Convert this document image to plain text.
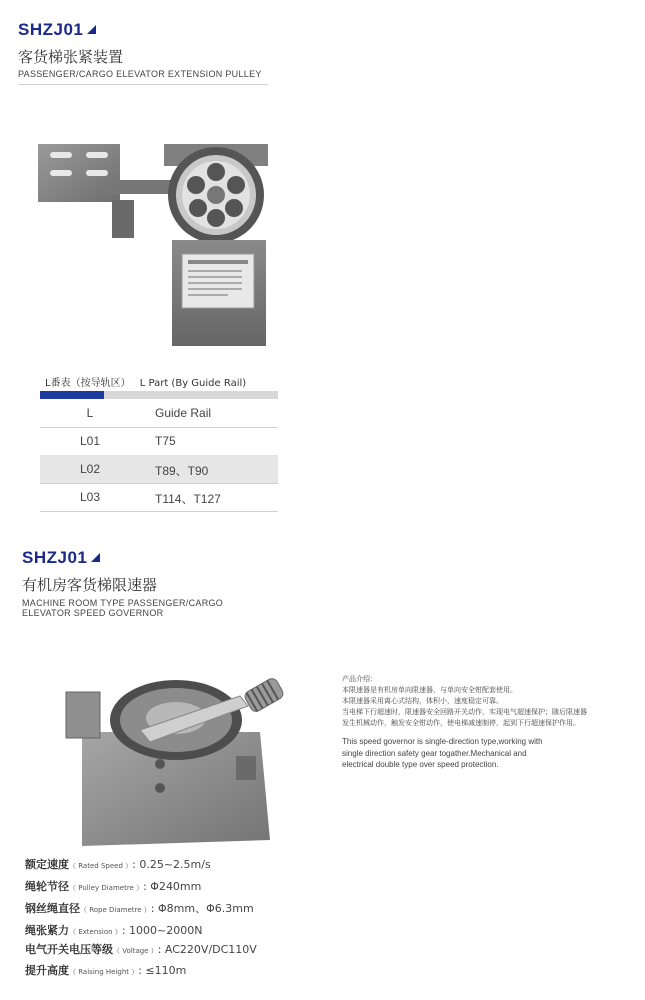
SHZJ01
客货梯张紧装置
PASSENGER/CARGO ELEVATOR EXTENSION PULLEY
L番表（按导轨区） L Part (By Guide Rail)
L	Guide Rail
L01	T75
L02	T89、T90
L03	T114、T127
SHZJ01
有机房客货梯限速器
MACHINE ROOM TYPE PASSENGER/CARGO
ELEVATOR SPEED GOVERNOR
产品介绍：
本限速器是有机房单向限速器，与单向安全钳配套使用。
本限速器采用离心式结构，体积小，速度稳定可靠。
当电梯下行超速时，限速器安全回路开关动作，实现电气超速保护；随后限速器
发生机械动作，触发安全钳动作，使电梯减速制停，起到下行超速保护作用。
This speed governor is single-direction type,working with
single direction safety gear togather.Mechanical and
electrical double type over speed protection.
额定速度（ Rated Speed ）: 0.25~2.5m/s
绳轮节径（ Pulley Diametre ）: Φ240mm
钢丝绳直径（ Rope Diametre ）: Φ8mm、Φ6.3mm
绳张紧力（ Extension ）: 1000~2000N
电气开关电压等级（ Voltage ）: AC220V/DC110V
提升高度（ Raising Height ）: ≤110m
